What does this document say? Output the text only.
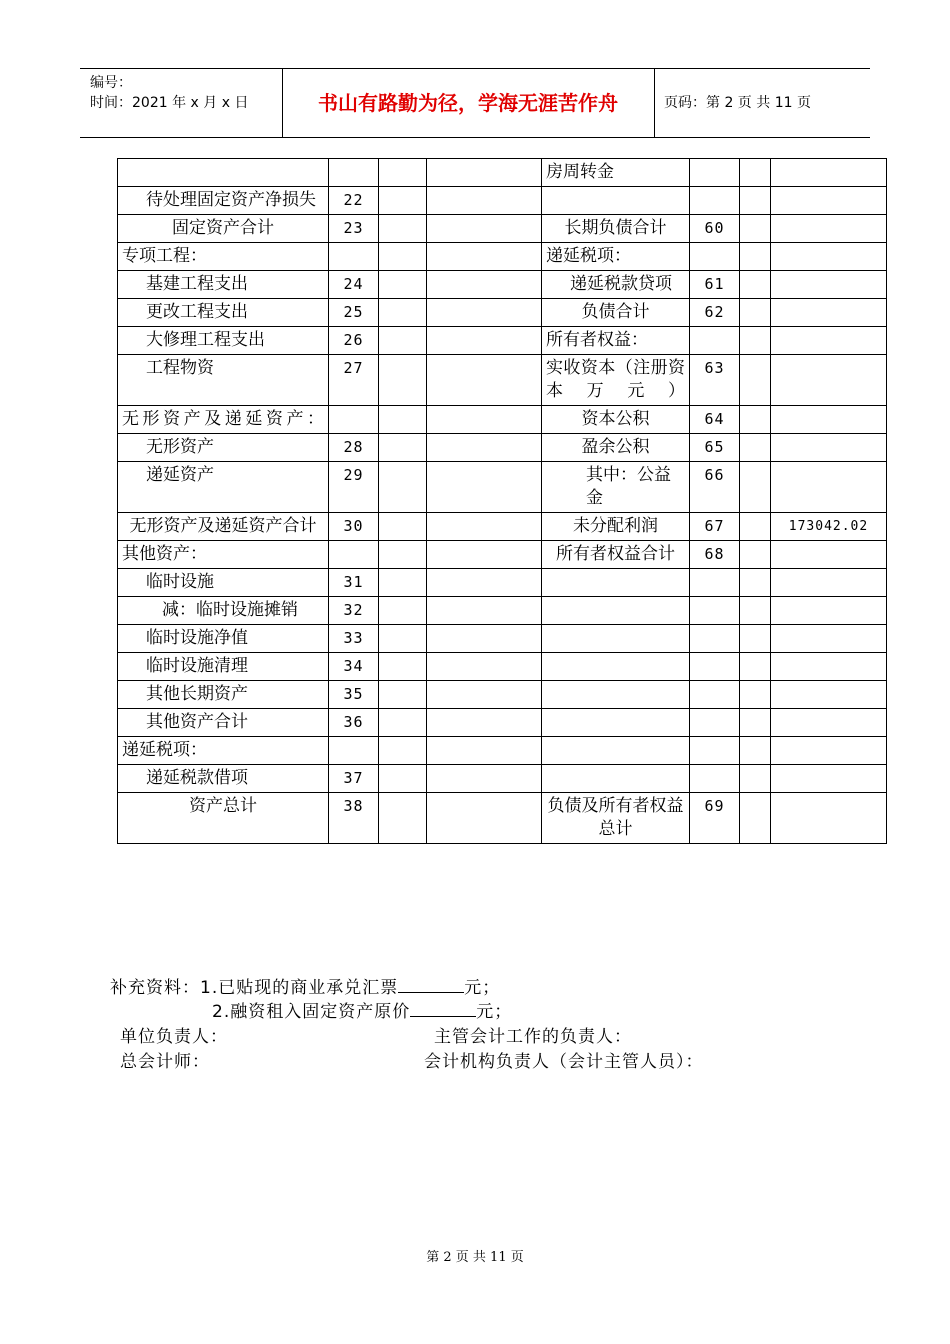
编号：
时间：2021 年 x 月 x 日	书山有路勤为径，学海无涯苦作舟	页码：第 2 页 共 11 页
				房周转金			
待处理固定资产净损失	22						
固定资产合计	23			长期负债合计	60		
专项工程：				递延税项：			
基建工程支出	24			递延税款贷项	61		
更改工程支出	25			负债合计	62		
大修理工程支出	26			所有者权益：			
工程物资	27			实收资本（注册资本万元）	63		
无形资产及递延资产：				资本公积	64		
无形资产	28			盈余公积	65		
递延资产	29			其中：公益金	66		
无形资产及递延资产合计	30			未分配利润	67		173042.02
其他资产：				所有者权益合计	68		
临时设施	31						
减：临时设施摊销	32						
临时设施净值	33						
临时设施清理	34						
其他长期资产	35						
其他资产合计	36						
递延税项：							
递延税款借项	37						
资产总计	38			负债及所有者权益总计	69		
补充资料：1.已贴现的商业承兑汇票	元；
2.融资租入固定资产原价	元；
单位负责人：	主管会计工作的负责人：
总会计师：	会计机构负责人（会计主管人员）：
第 2 页 共 11 页
